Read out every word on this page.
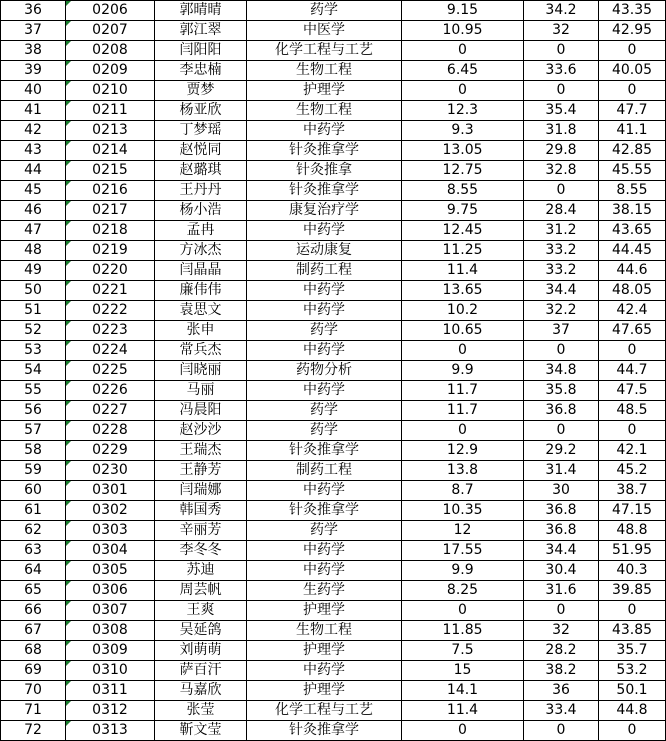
36	0206	郭晴晴	药学	9.15	34.2	43.35
37	0207	郭江翠	中医学	10.95	32	42.95
38	0208	闫阳阳	化学工程与工艺	0	0	0
39	0209	李忠楠	生物工程	6.45	33.6	40.05
40	0210	贾梦	护理学	0	0	0
41	0211	杨亚欣	生物工程	12.3	35.4	47.7
42	0213	丁梦瑶	中药学	9.3	31.8	41.1
43	0214	赵悦同	针灸推拿学	13.05	29.8	42.85
44	0215	赵璐琪	针灸推拿	12.75	32.8	45.55
45	0216	王丹丹	针灸推拿学	8.55	0	8.55
46	0217	杨小浩	康复治疗学	9.75	28.4	38.15
47	0218	孟冉	中药学	12.45	31.2	43.65
48	0219	方冰杰	运动康复	11.25	33.2	44.45
49	0220	闫晶晶	制药工程	11.4	33.2	44.6
50	0221	廉伟伟	中药学	13.65	34.4	48.05
51	0222	袁思文	中药学	10.2	32.2	42.4
52	0223	张申	药学	10.65	37	47.65
53	0224	常兵杰	中药学	0	0	0
54	0225	闫晓丽	药物分析	9.9	34.8	44.7
55	0226	马丽	中药学	11.7	35.8	47.5
56	0227	冯晨阳	药学	11.7	36.8	48.5
57	0228	赵沙沙	药学	0	0	0
58	0229	王瑞杰	针灸推拿学	12.9	29.2	42.1
59	0230	王静芳	制药工程	13.8	31.4	45.2
60	0301	闫瑞娜	中药学	8.7	30	38.7
61	0302	韩国秀	针灸推拿学	10.35	36.8	47.15
62	0303	辛丽芳	药学	12	36.8	48.8
63	0304	李冬冬	中药学	17.55	34.4	51.95
64	0305	苏迪	中药学	9.9	30.4	40.3
65	0306	周芸帆	生药学	8.25	31.6	39.85
66	0307	王爽	护理学	0	0	0
67	0308	吴延鸽	生物工程	11.85	32	43.85
68	0309	刘萌萌	护理学	7.5	28.2	35.7
69	0310	萨百汗	中药学	15	38.2	53.2
70	0311	马嘉欣	护理学	14.1	36	50.1
71	0312	张莹	化学工程与工艺	11.4	33.4	44.8
72	0313	靳文莹	针灸推拿学	0	0	0
